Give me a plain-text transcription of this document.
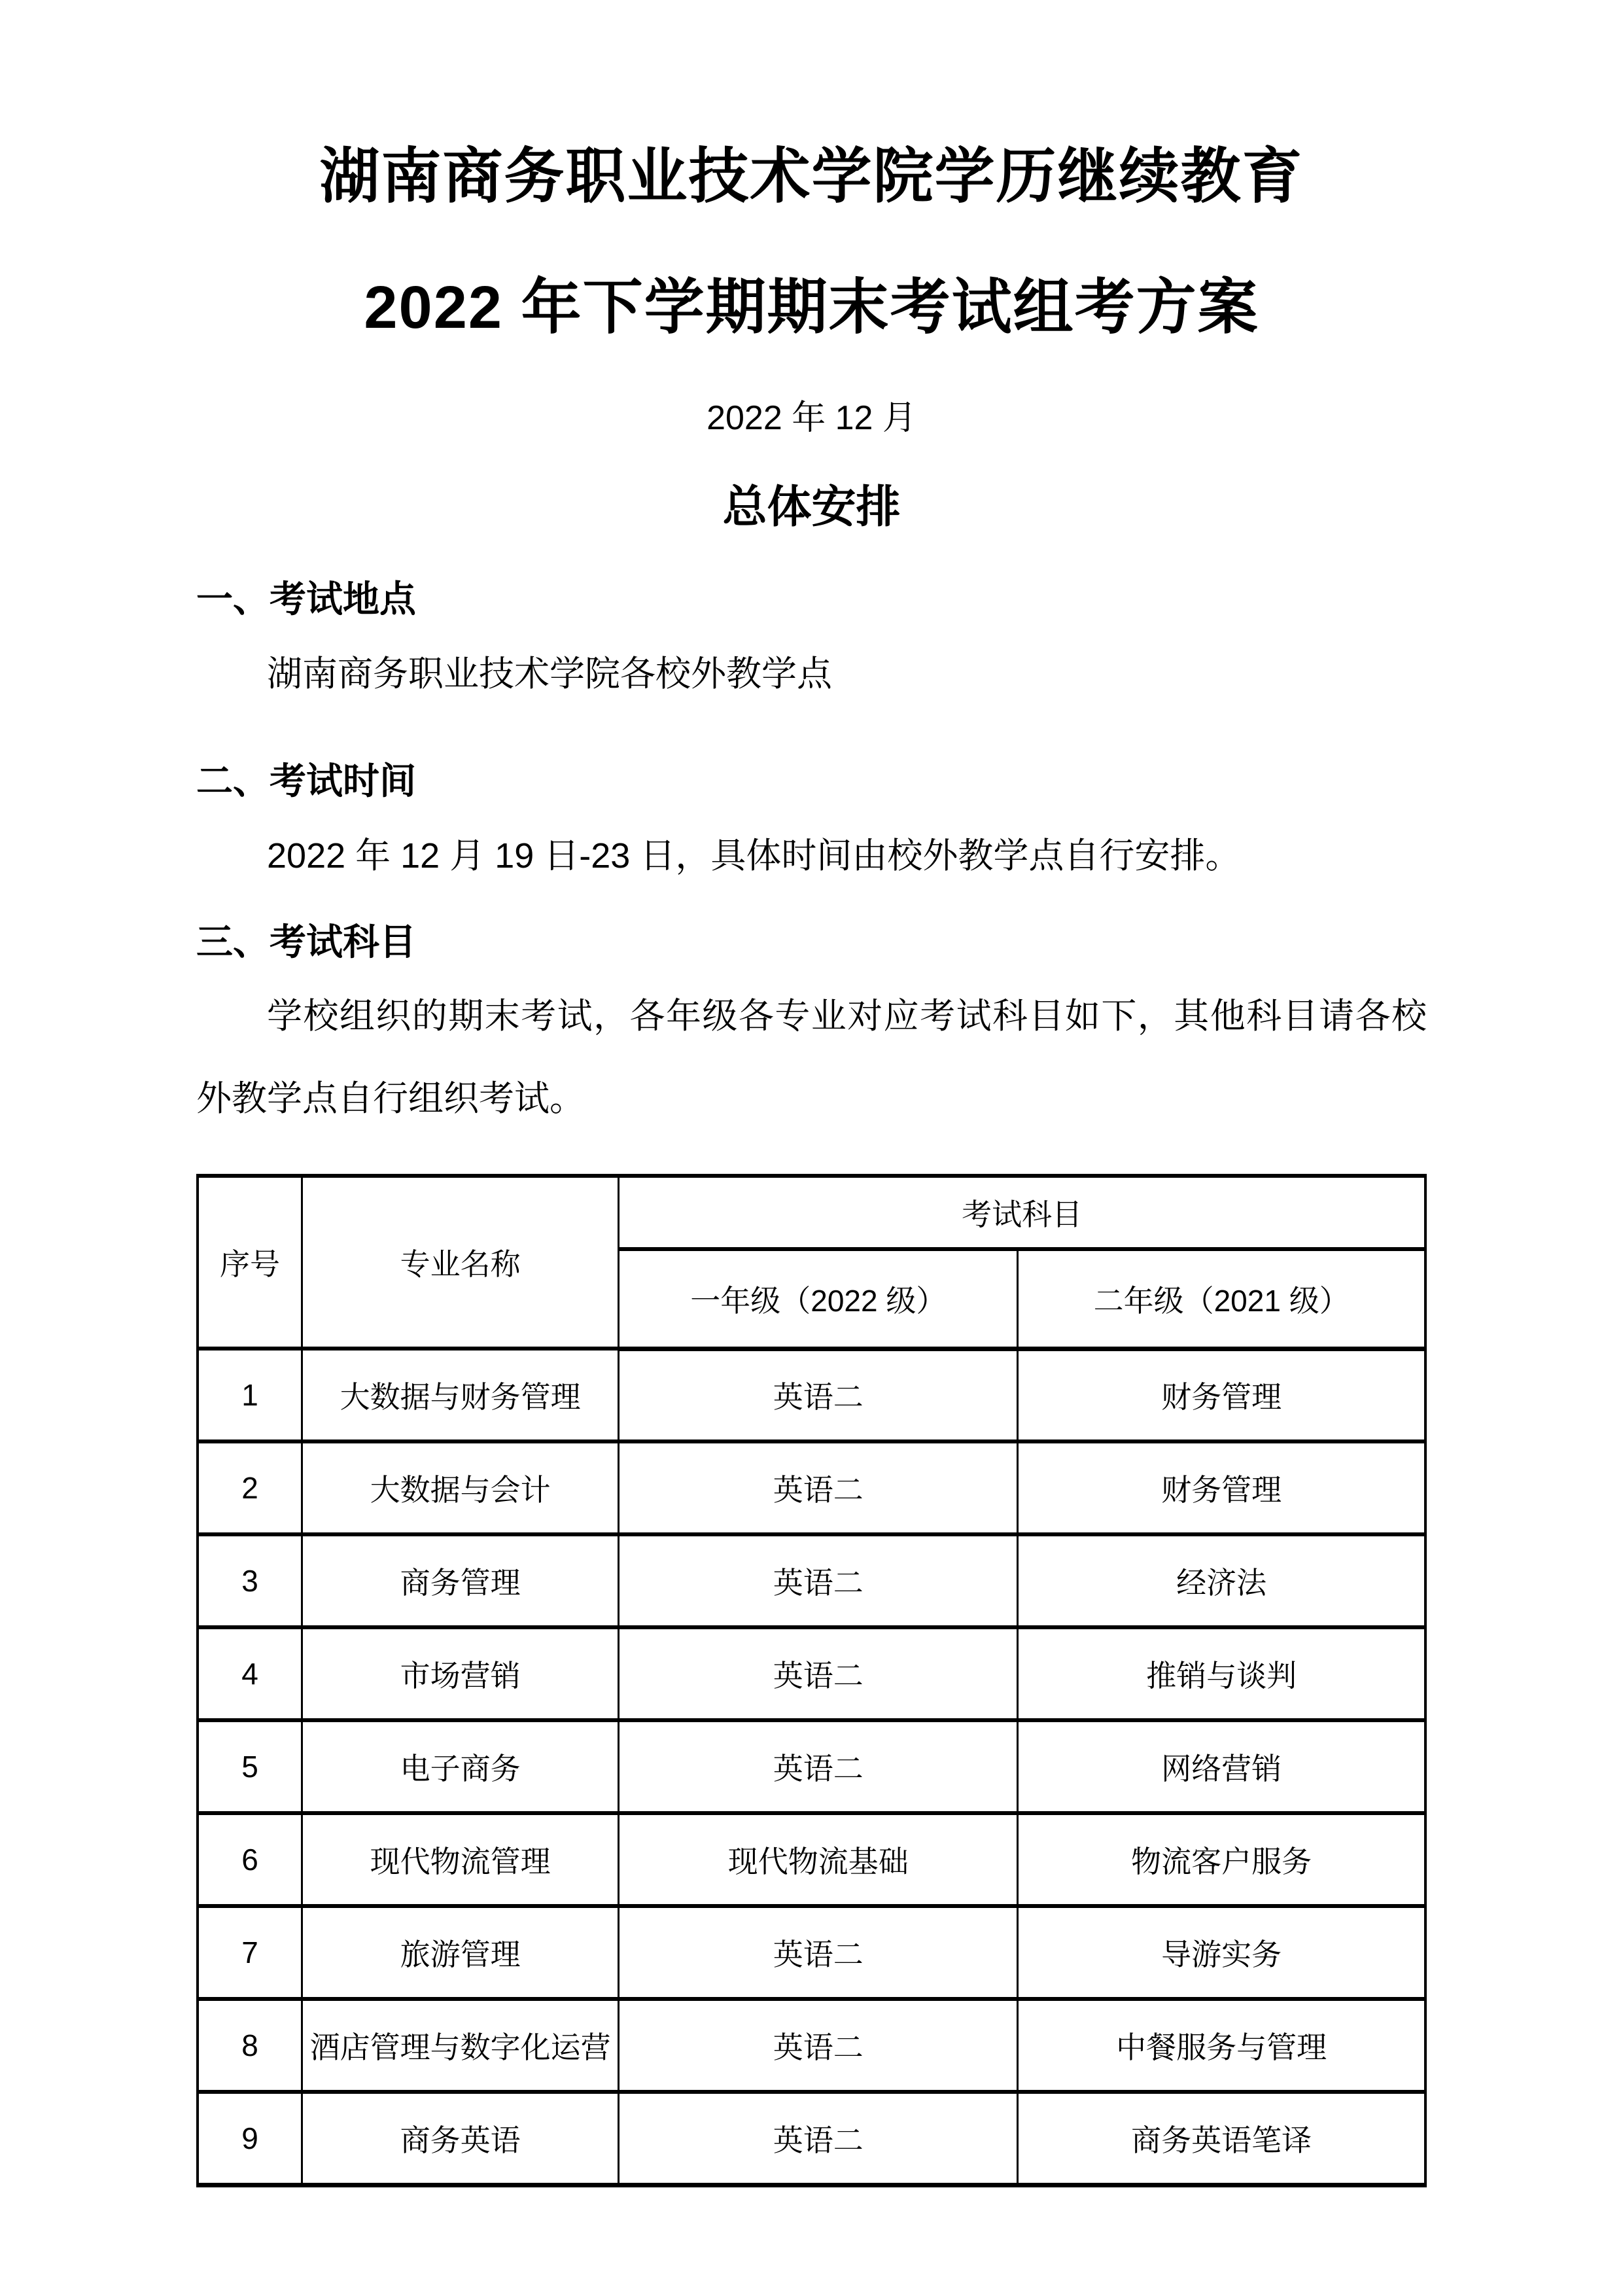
湖南商务职业技术学院学历继续教育
2022 年下学期期末考试组考方案
2022 年 12 月
总体安排
一、考试地点
湖南商务职业技术学院各校外教学点
二、考试时间
2022 年 12 月 19 日-23 日，具体时间由校外教学点自行安排。
三、考试科目
学校组织的期末考试，各年级各专业对应考试科目如下，其他科目请各校外教学点自行组织考试。
序号	专业名称	考试科目	
		一年级（2022 级）	二年级（2021 级）
1	大数据与财务管理	英语二	财务管理
2	大数据与会计	英语二	财务管理
3	商务管理	英语二	经济法
4	市场营销	英语二	推销与谈判
5	电子商务	英语二	网络营销
6	现代物流管理	现代物流基础	物流客户服务
7	旅游管理	英语二	导游实务
8	酒店管理与数字化运营	英语二	中餐服务与管理
9	商务英语	英语二	商务英语笔译
